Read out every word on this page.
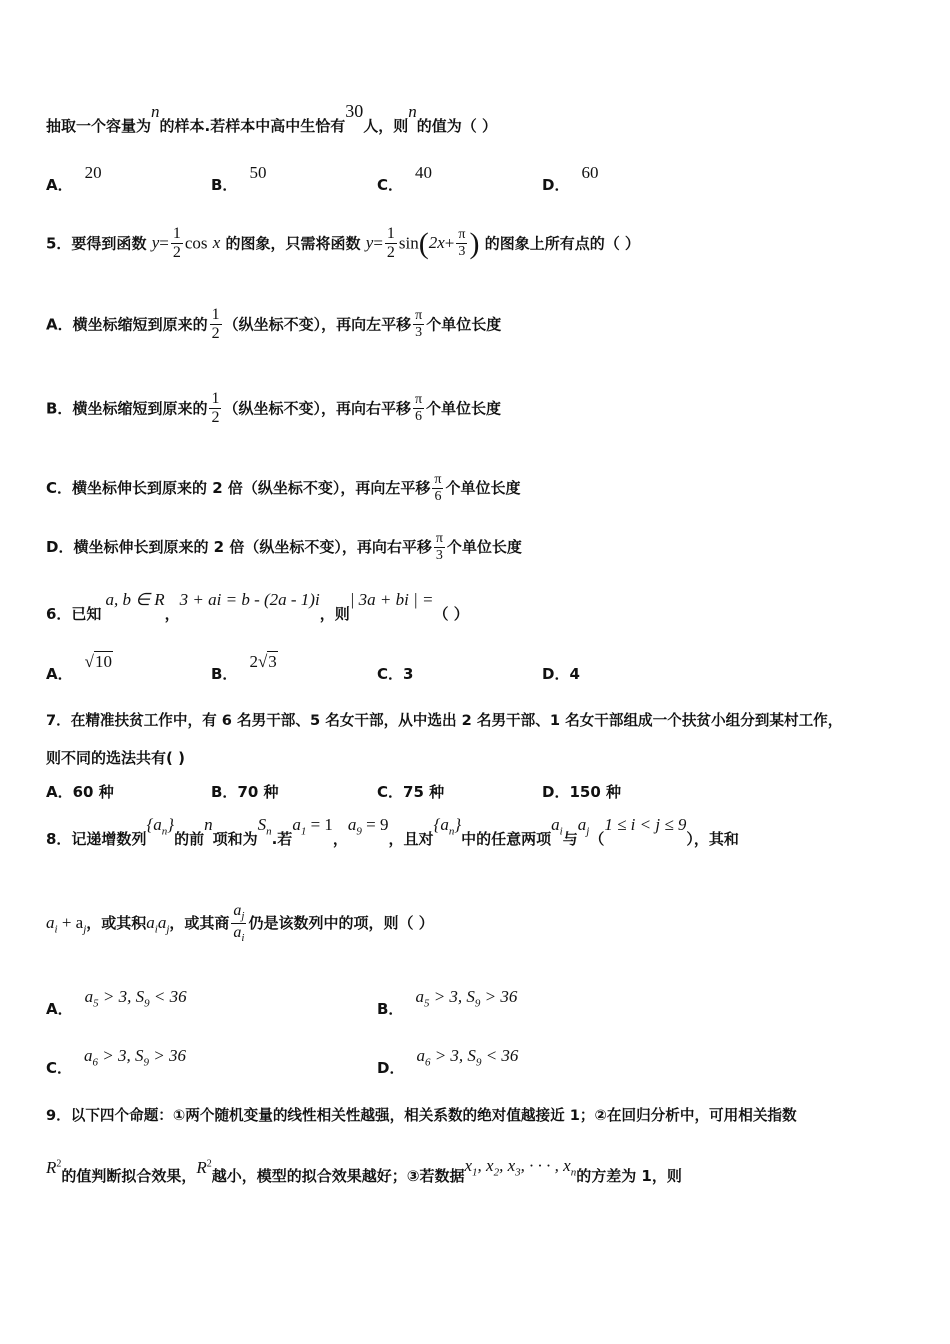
抽取一个容量为n的样本.若样本中高中生恰有30人，则n的值为（ ）
A．20
B．50
C．40
D．60
5．要得到函数 $y= \frac{1}{2}$ cos x 的图象，只需将函数 $y= \frac{1}{2} \sin(2x+ \frac{\pi}{3}$ ) 的图象上所有点的（ ）
A．横坐标缩短到原来的 $\frac{1}{2}$ （纵坐标不变），再向左平移 $\frac{\pi}{3}$ 个单位长度
B．横坐标缩短到原来的 $\frac{1}{2}$ （纵坐标不变），再向右平移 $\frac{\pi}{6}$ 个单位长度
C．横坐标伸长到原来的 2 倍（纵坐标不变），再向左平移 $\frac{\pi}{6}$ 个单位长度
D．横坐标伸长到原来的 2 倍（纵坐标不变），再向右平移 $\frac{\pi}{3}$ 个单位长度
6．已知a, b ∈ R，3 + ai = b - (2a - 1)i，则| 3a + bi | =（ ）
A．√10
B．2√3
C．3	D．4
7．在精准扶贫工作中，有 6 名男干部、5 名女干部，从中选出 2 名男干部、1 名女干部组成一个扶贫小组分到某村工作，
则不同的选法共有( )
A．60 种	B．70 种	C．75 种	D．150 种
8．记递增数列$\{a_n\}$的前n项和为$S_n$.若$a_1 = 1$，$a_9 = 9$，且对$\{a_n\}$中的任意两项$a_i$与$a_j(1 \le i < j \le 9)$，其和
$a_i + a_j$，或其积$a_ia_j$，或其商 $\frac{a_j}{a_i}$ 仍是该数列中的项，则（ ）
A．$a_5 > 3$, $S_9 < 36$
B．$a_5 > 3$, $S_9 > 36$
C．$a_6 > 3$, $S_9 > 36$
D．$a_6 > 3$, $S_9 < 36$
9．以下四个命题：①两个随机变量的线性相关性越强，相关系数的绝对值越接近 1；②在回归分析中，可用相关指数
$R^2$的值判断拟合效果，$R^2$越小，模型的拟合效果越好；③若数据$x_1$, $x_2$, $x_3$, · · · , $x_n$的方差为 1，则
